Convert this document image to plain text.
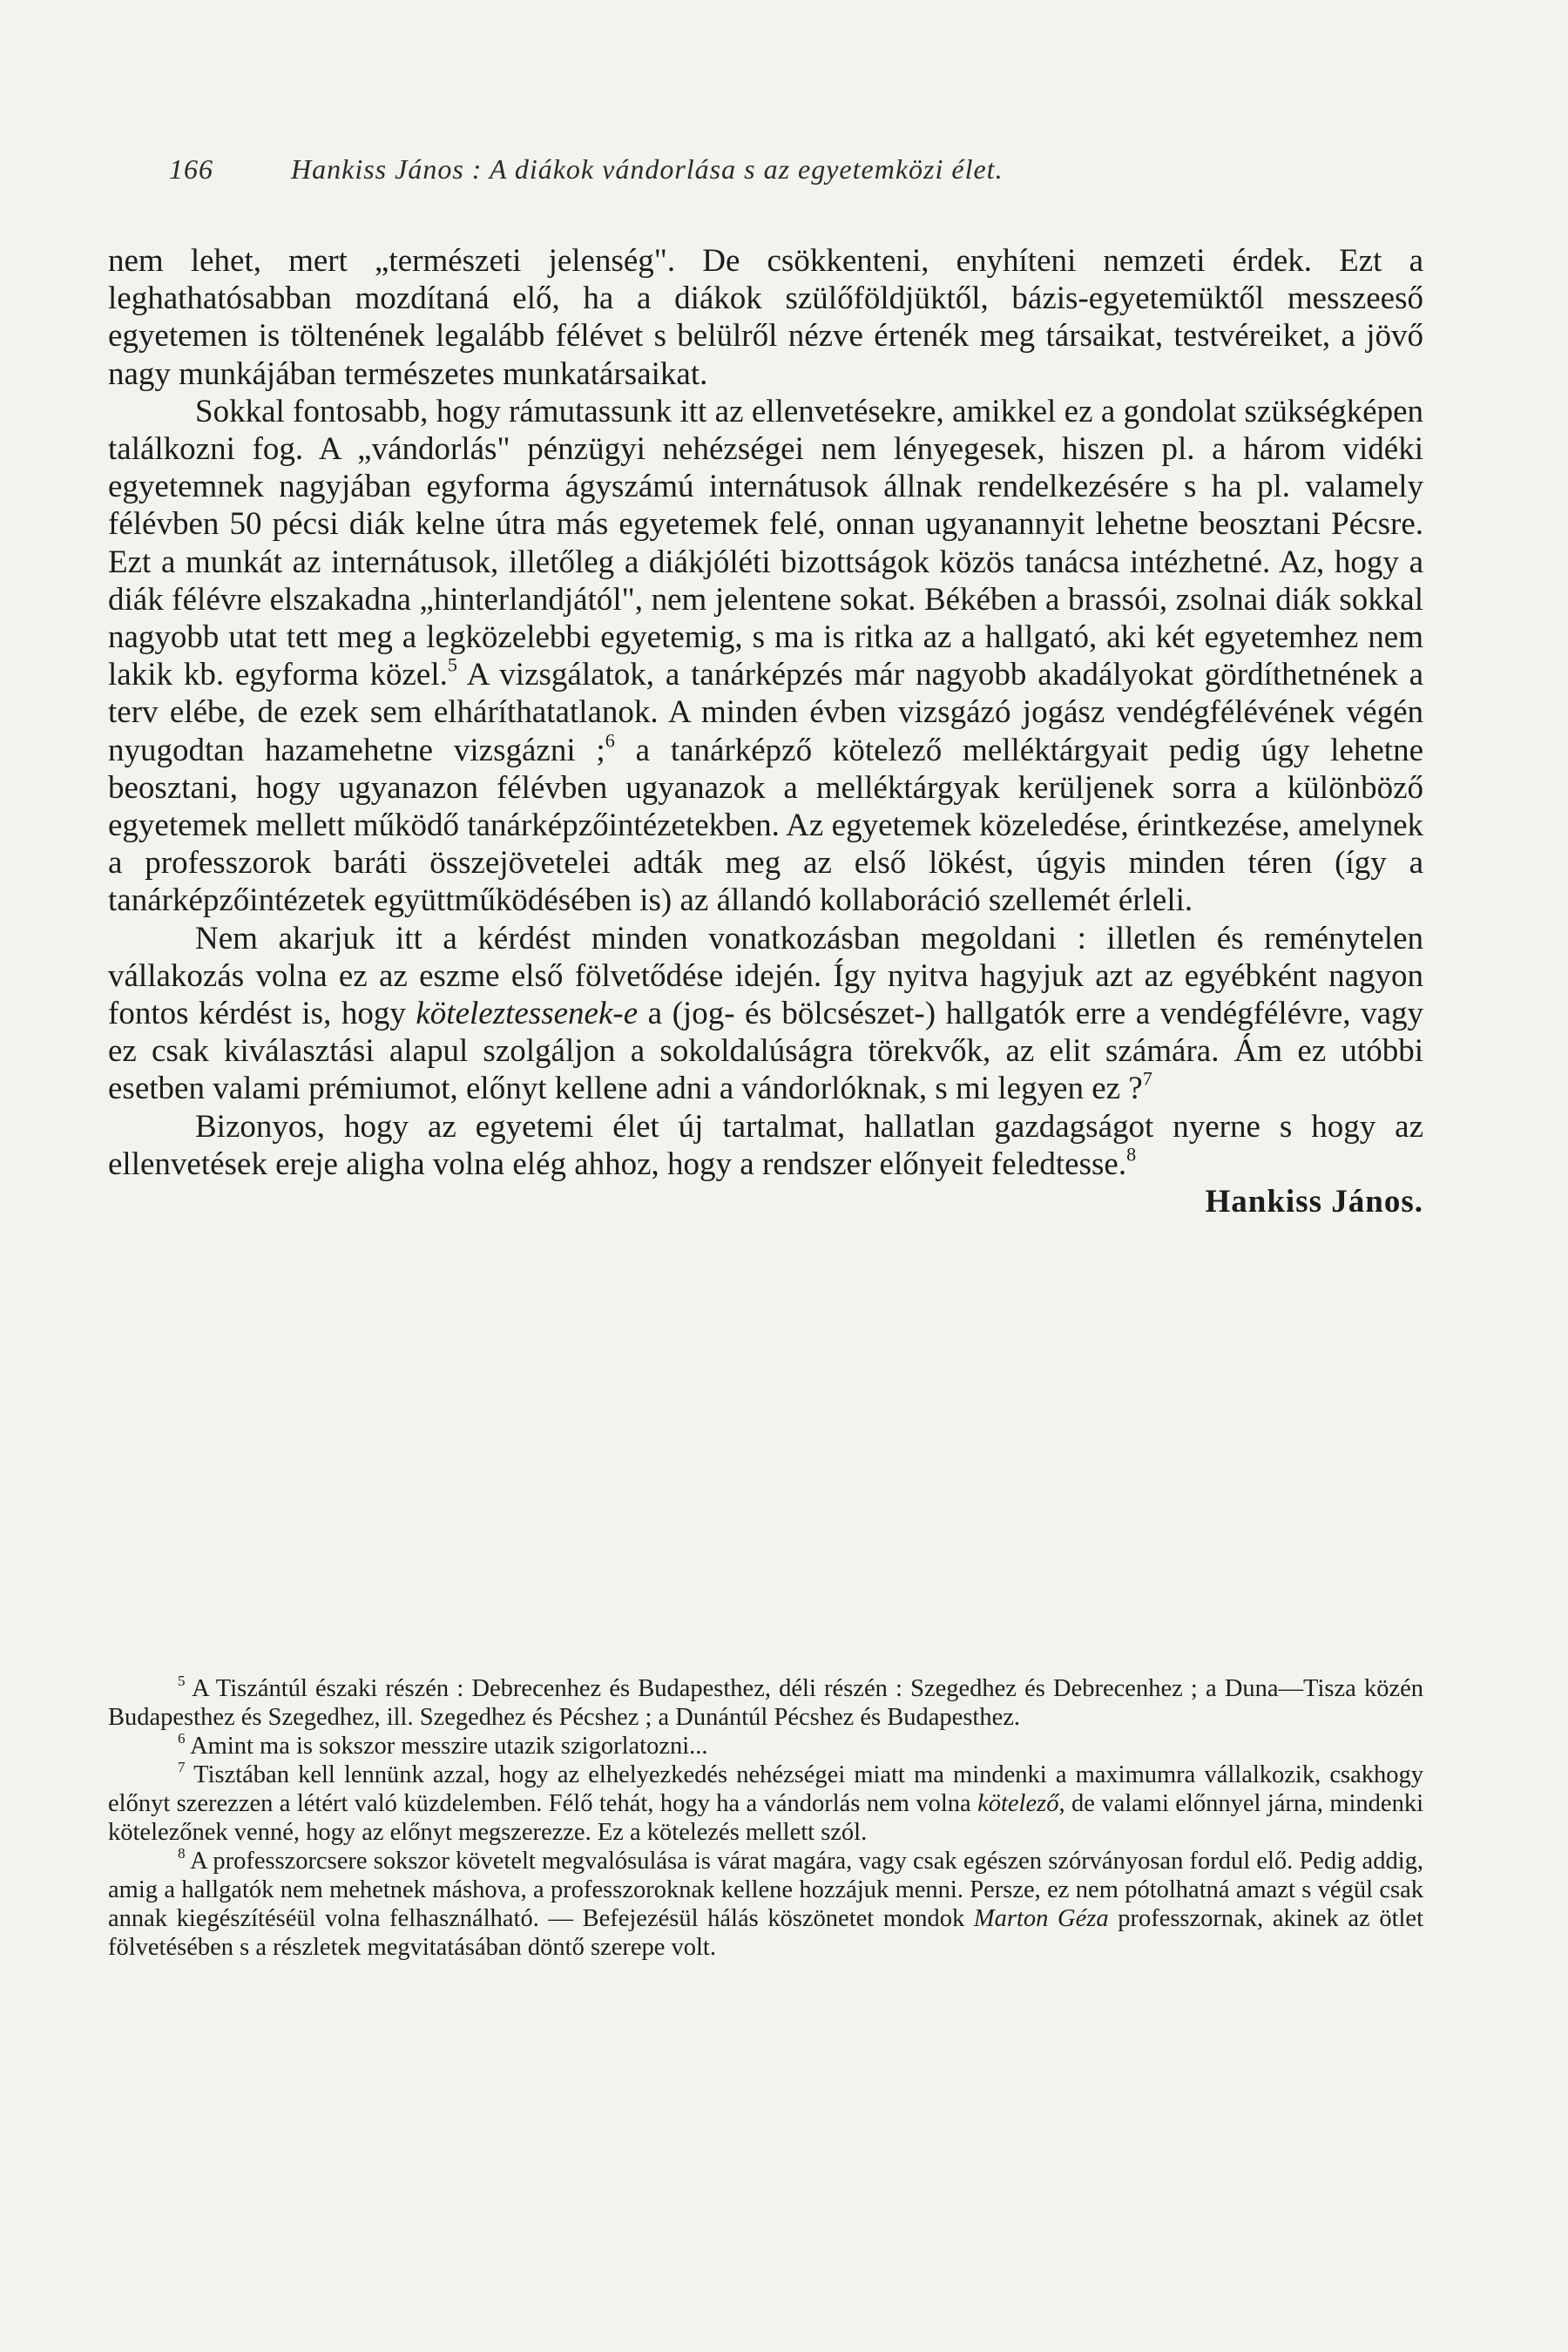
166	Hankiss János : A diákok vándorlása s az egyetemközi élet.

nem lehet, mert „természeti jelenség". De csökkenteni, enyhíteni nemzeti érdek. Ezt a leghathatósabban mozdítaná elő, ha a diákok szülőföldjüktől, bázis-egyetemüktől messzeeső egyetemen is töltenének legalább félévet s belülről nézve értenék meg társaikat, testvéreiket, a jövő nagy munkájában természetes munkatársaikat.

Sokkal fontosabb, hogy rámutassunk itt az ellenvetésekre, amikkel ez a gondolat szükségképen találkozni fog. A „vándorlás" pénzügyi nehézségei nem lényegesek, hiszen pl. a három vidéki egyetemnek nagyjában egyforma ágyszámú internátusok állnak rendelkezésére s ha pl. valamely félévben 50 pécsi diák kelne útra más egyetemek felé, onnan ugyanannyit lehetne beosztani Pécsre. Ezt a munkát az internátusok, illetőleg a diákjóléti bizottságok közös tanácsa intézhetné. Az, hogy a diák félévre elszakadna „hinterlandjától", nem jelentene sokat. Békében a brassói, zsolnai diák sokkal nagyobb utat tett meg a legközelebbi egyetemig, s ma is ritka az a hallgató, aki két egyetemhez nem lakik kb. egyforma közel.$^5$ A vizsgálatok, a tanárképzés már nagyobb akadályokat gördíthetnének a terv elébe, de ezek sem elháríthatatlanok. A minden évben vizsgázó jogász vendégfélévének végén nyugodtan hazamehetne vizsgázni ;$^6$ a tanárképző kötelező melléktárgyait pedig úgy lehetne beosztani, hogy ugyanazon félévben ugyanazok a melléktárgyak kerüljenek sorra a különböző egyetemek mellett működő tanárképzőintézetekben. Az egyetemek közeledése, érintkezése, amelynek a professzorok baráti összejövetelei adták meg az első lökést, úgyis minden téren (így a tanárképzőintézetek együttműködésében is) az állandó kollaboráció szellemét érleli.

Nem akarjuk itt a kérdést minden vonatkozásban megoldani : illetlen és reménytelen vállakozás volna ez az eszme első fölvetődése idején. Így nyitva hagyjuk azt az egyébként nagyon fontos kérdést is, hogy köteleztessenek-e a (jog- és bölcsészet-) hallgatók erre a vendégfélévre, vagy ez csak kiválasztási alapul szolgáljon a sokoldalúságra törekvők, az elit számára. Ám ez utóbbi esetben valami prémiumot, előnyt kellene adni a vándorlóknak, s mi legyen ez ?$^7$

Bizonyos, hogy az egyetemi élet új tartalmat, hallatlan gazdagságot nyerne s hogy az ellenvetések ereje aligha volna elég ahhoz, hogy a rendszer előnyeit feledtesse.$^8$
Hankiss János.

$^5$ A Tiszántúl északi részén : Debrecenhez és Budapesthez, déli részén : Szegedhez és Debrecenhez ; a Duna—Tisza közén Budapesthez és Szegedhez, ill. Szegedhez és Pécshez ; a Dunántúl Pécshez és Budapesthez.

$^6$ Amint ma is sokszor messzire utazik szigorlatozni...

$^7$ Tisztában kell lennünk azzal, hogy az elhelyezkedés nehézségei miatt ma mindenki a maximumra vállalkozik, csakhogy előnyt szerezzen a létért való küzdelemben. Félő tehát, hogy ha a vándorlás nem volna kötelező, de valami előnnyel járna, mindenki kötelezőnek venné, hogy az előnyt megszerezze. Ez a kötelezés mellett szól.

$^8$ A professzorcsere sokszor követelt megvalósulása is várat magára, vagy csak egészen szórványosan fordul elő. Pedig addig, amig a hallgatók nem mehetnek máshova, a professzoroknak kellene hozzájuk menni. Persze, ez nem pótolhatná amazt s végül csak annak kiegészítéséül volna felhasználható. — Befejezésül hálás köszönetet mondok Marton Géza professzornak, akinek az ötlet fölvetésében s a részletek megvitatásában döntő szerepe volt.
